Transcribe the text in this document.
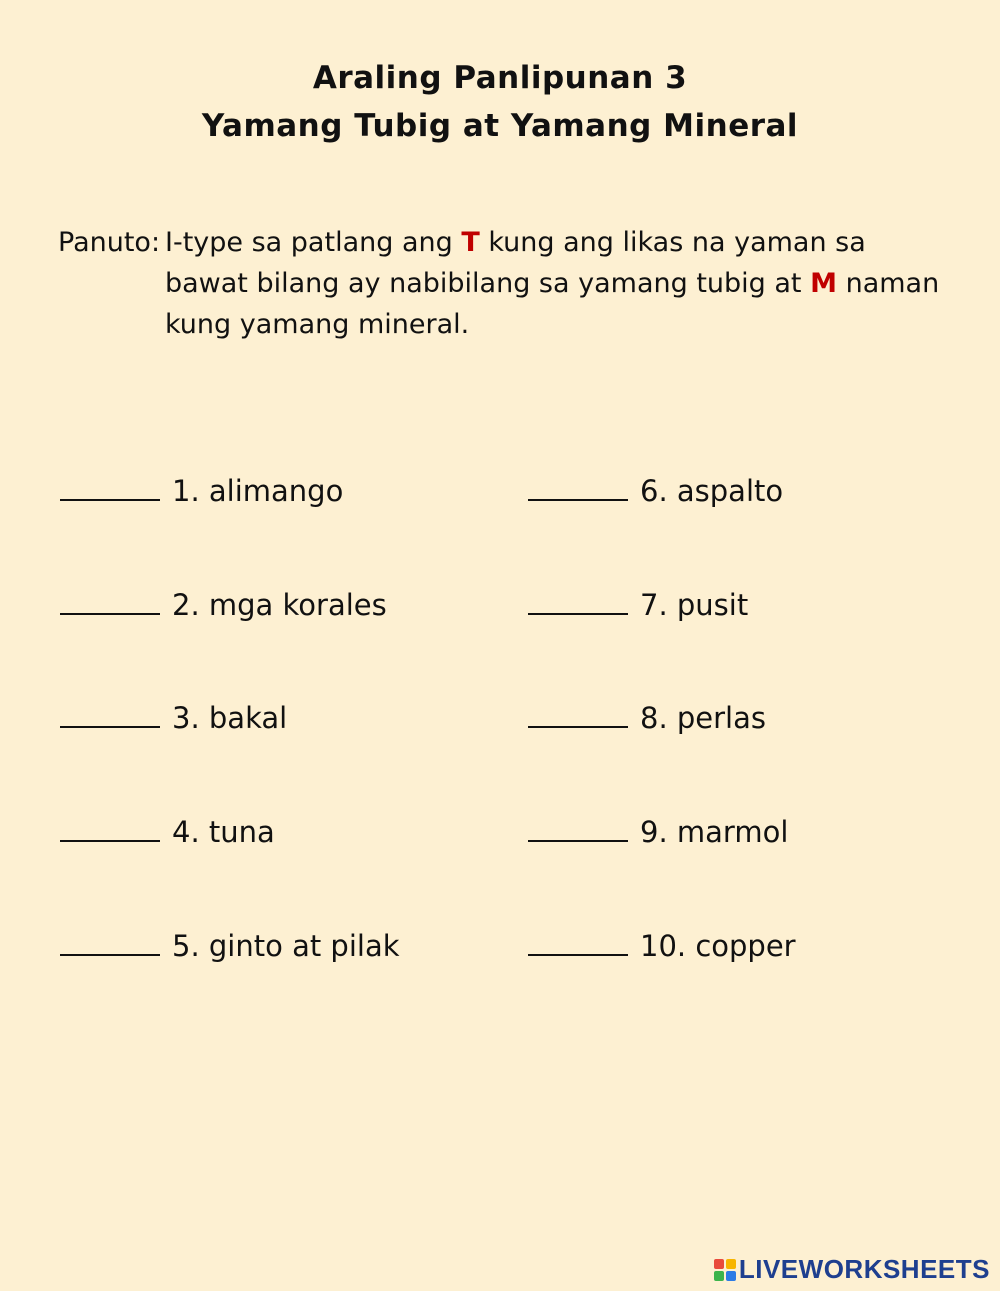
Araling Panlipunan 3
Yamang Tubig at Yamang Mineral
Panuto: I-type sa patlang ang T kung ang likas na yaman sa
bawat bilang ay nabibilang sa yamang tubig at M naman
kung yamang mineral.
1. alimango
2. mga korales
3. bakal
4. tuna
5. ginto at pilak
6. aspalto
7. pusit
8. perlas
9. marmol
10. copper
LIVEWORKSHEETS
